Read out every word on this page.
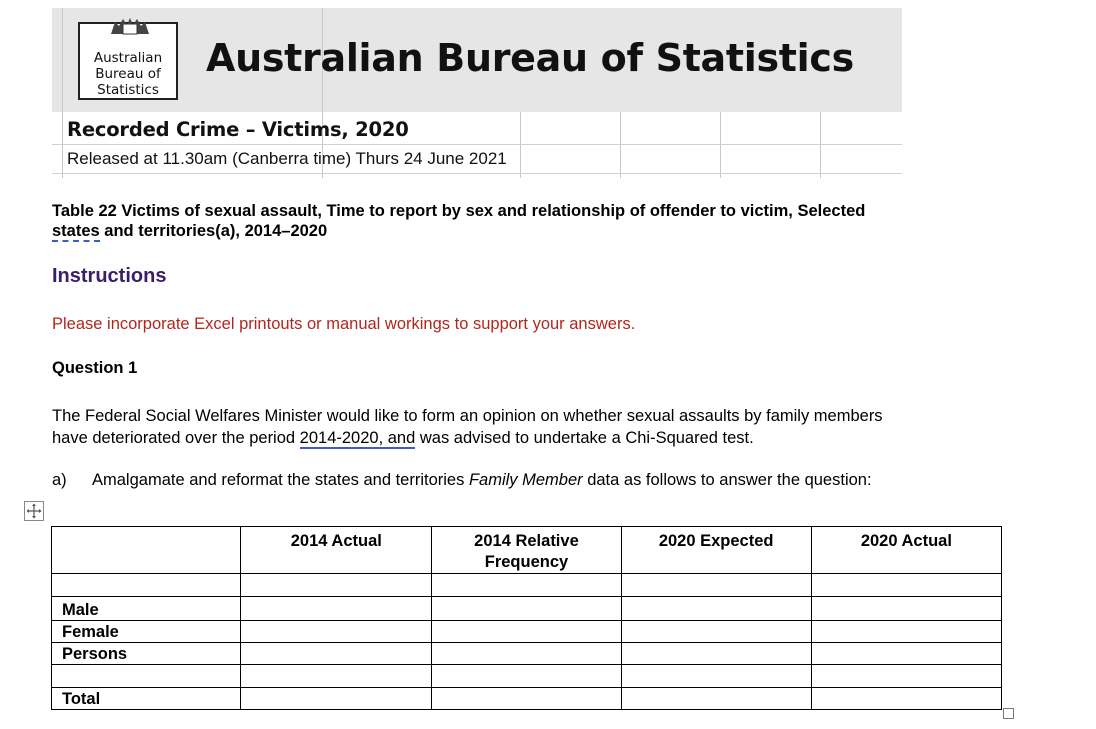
Australian
Bureau of
Statistics
Australian Bureau of Statistics
Recorded Crime – Victims, 2020
Released at 11.30am (Canberra time) Thurs 24 June 2021
Table 22 Victims of sexual assault, Time to report by sex and relationship of offender to victim, Selected
states and territories(a), 2014–2020
Instructions
Please incorporate Excel printouts or manual workings to support your answers.
Question 1
The Federal Social Welfares Minister would like to form an opinion on whether sexual assaults by family members
have deteriorated over the period 2014-2020, and was advised to undertake a Chi-Squared test.
a) Amalgamate and reformat the states and territories Family Member data as follows to answer the question:
	2014 Actual	2014 Relative Frequency	2020 Expected	2020 Actual

Male				
Female				
Persons				

Total				
